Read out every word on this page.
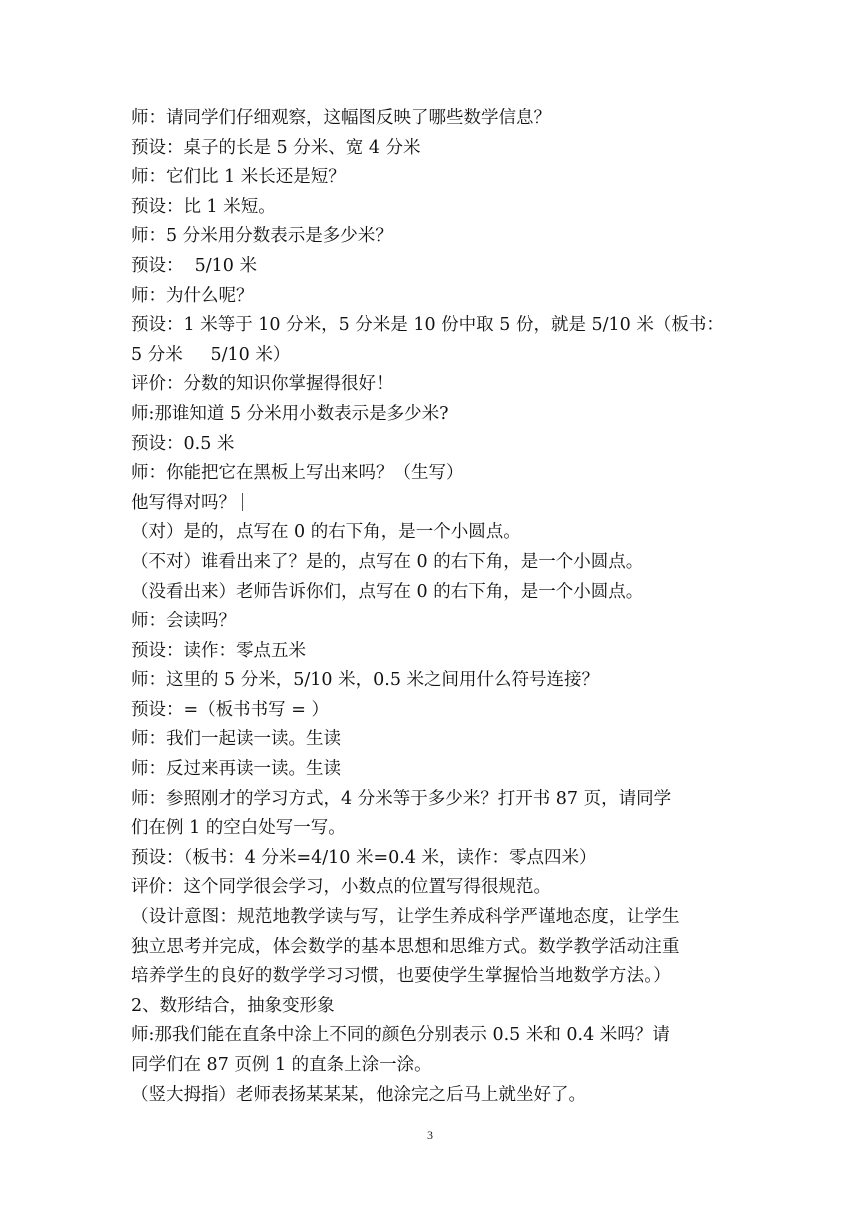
师：请同学们仔细观察，这幅图反映了哪些数学信息？
预设：桌子的长是 5 分米、宽 4 分米
师：它们比 1 米长还是短？
预设：比 1 米短。
师：5 分米用分数表示是多少米？
预设：  5/10 米
师：为什么呢？
预设：1 米等于 10 分米，5 分米是 10 份中取 5 份，就是 5/10 米（板书：
5 分米     5/10 米）
评价：分数的知识你掌握得很好！
师:那谁知道 5 分米用小数表示是多少米?
预设：0.5 米
师：你能把它在黑板上写出来吗？（生写）
他写得对吗？
（对）是的，点写在 0 的右下角，是一个小圆点。
（不对）谁看出来了？是的，点写在 0 的右下角，是一个小圆点。
（没看出来）老师告诉你们，点写在 0 的右下角，是一个小圆点。
师：会读吗？
预设：读作：零点五米
师：这里的 5 分米，5/10 米，0.5 米之间用什么符号连接？
预设：=（板书书写 = ）
师：我们一起读一读。生读
师：反过来再读一读。生读
师：参照刚才的学习方式，4 分米等于多少米？打开书 87 页，请同学
们在例 1 的空白处写一写。
预设：（板书：4 分米=4/10 米=0.4 米，读作：零点四米）
评价：这个同学很会学习，小数点的位置写得很规范。
（设计意图：规范地教学读与写，让学生养成科学严谨地态度，让学生
独立思考并完成，体会数学的基本思想和思维方式。数学教学活动注重
培养学生的良好的数学学习习惯，也要使学生掌握恰当地数学方法。）
2、数形结合，抽象变形象
师:那我们能在直条中涂上不同的颜色分别表示 0.5 米和 0.4 米吗？请
同学们在 87 页例 1 的直条上涂一涂。
（竖大拇指）老师表扬某某某，他涂完之后马上就坐好了。
3
